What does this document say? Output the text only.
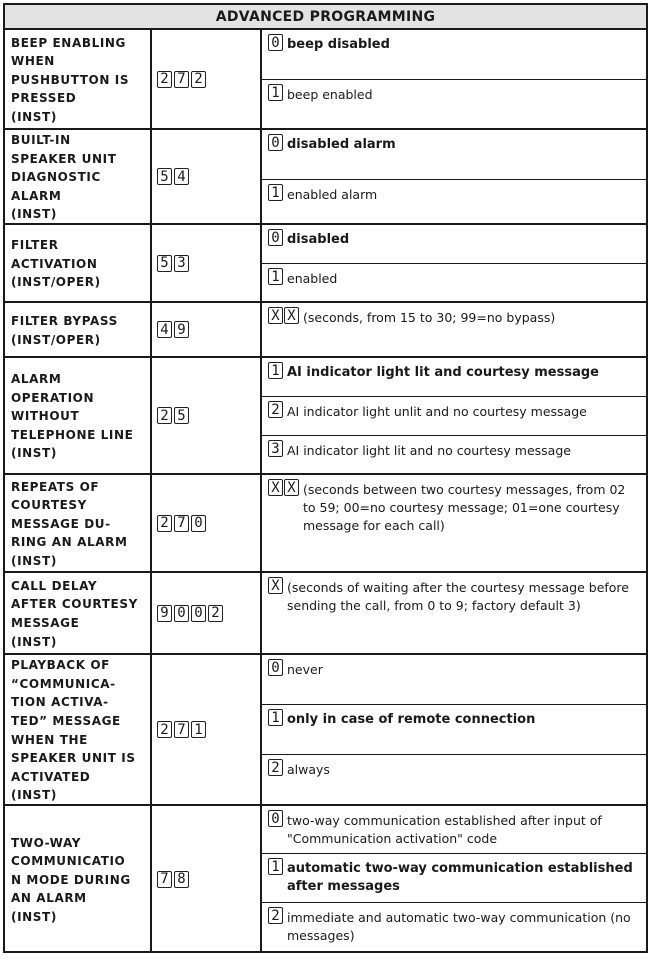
ADVANCED PROGRAMMING
BEEP ENABLING
WHEN
PUSHBUTTON IS
PRESSED
(INST)
2 7 2
0 beep disabled
1 beep enabled
BUILT-IN
SPEAKER UNIT
DIAGNOSTIC
ALARM
(INST)
5 4
0 disabled alarm
1 enabled alarm
FILTER
ACTIVATION
(INST/OPER)
5 3
0 disabled
1 enabled
FILTER BYPASS
(INST/OPER)
4 9
X X (seconds, from 15 to 30; 99=no bypass)
ALARM
OPERATION
WITHOUT
TELEPHONE LINE
(INST)
2 5
1 AI indicator light lit and courtesy message
2 AI indicator light unlit and no courtesy message
3 AI indicator light lit and no courtesy message
REPEATS OF
COURTESY
MESSAGE DU-
RING AN ALARM
(INST)
2 7 0
X X (seconds between two courtesy messages, from 02 to 59; 00=no courtesy message; 01=one courtesy message for each call)
CALL DELAY
AFTER COURTESY
MESSAGE
(INST)
9 0 0 2
X (seconds of waiting after the courtesy message before sending the call, from 0 to 9; factory default 3)
PLAYBACK OF
“COMMUNICA-
TION ACTIVA-
TED” MESSAGE
WHEN THE
SPEAKER UNIT IS
ACTIVATED
(INST)
2 7 1
0 never
1 only in case of remote connection
2 always
TWO-WAY
COMMUNICATIO
N MODE DURING
AN ALARM
(INST)
7 8
0 two-way communication established after input of "Communication activation" code
1 automatic two-way communication established after messages
2 immediate and automatic two-way communication (no messages)
